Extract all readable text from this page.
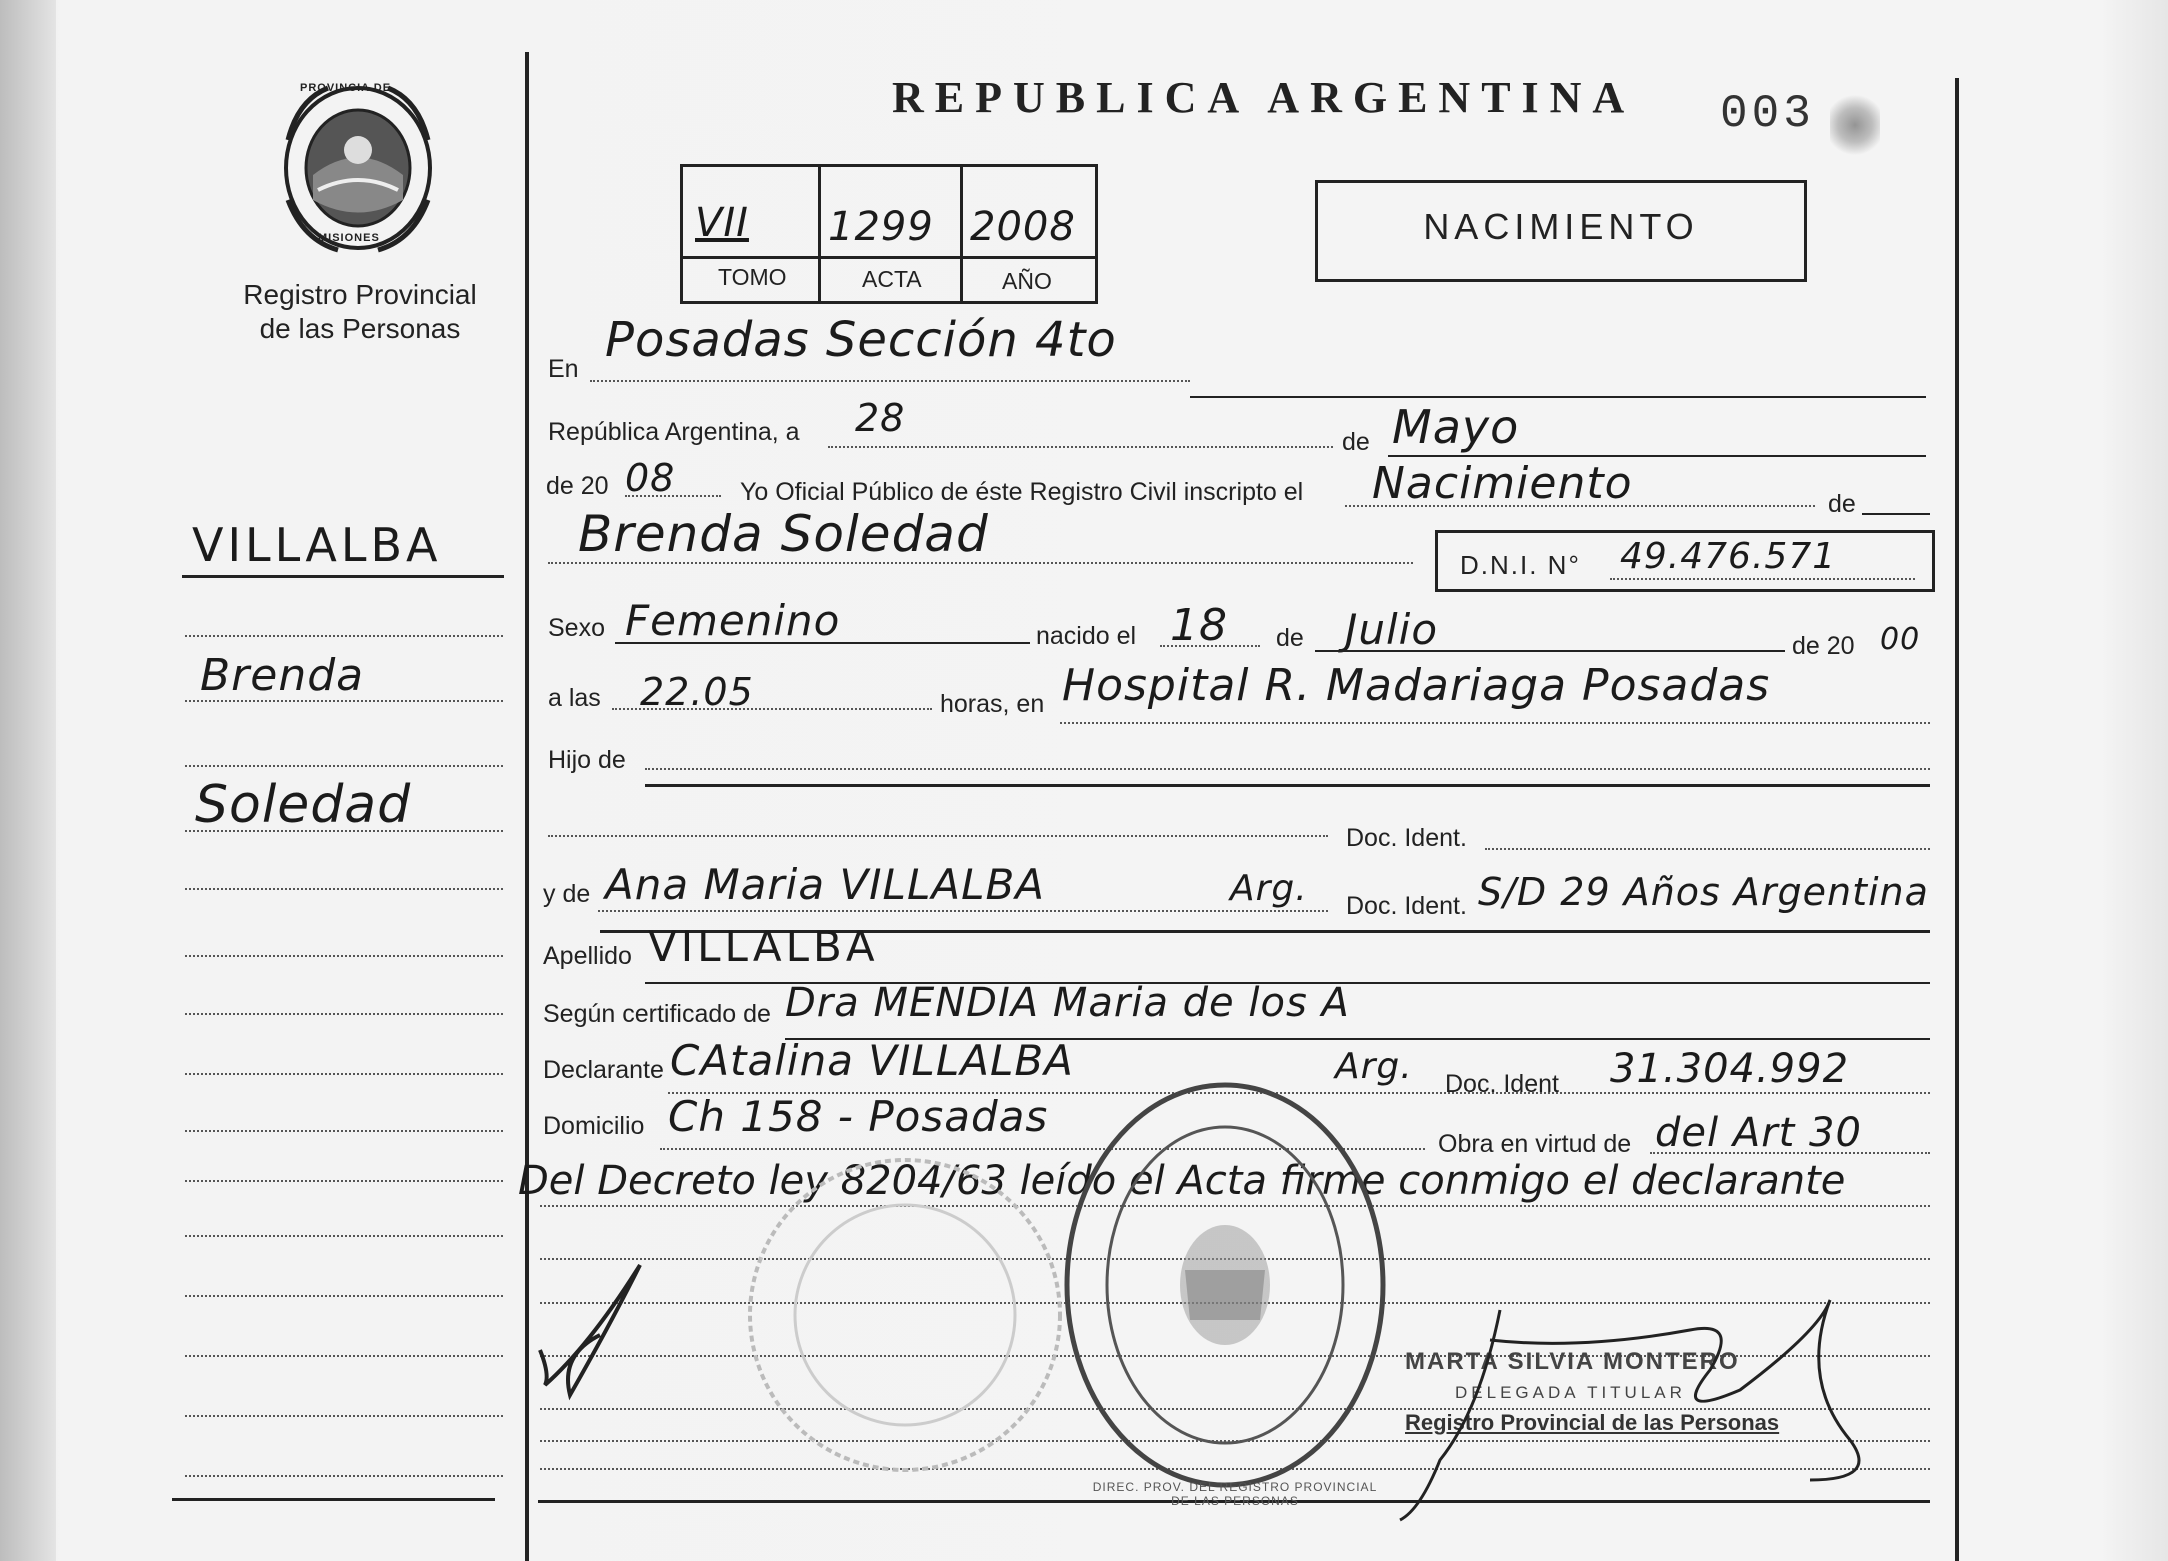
PROVINCIA DE
MISIONES
Registro Provincial
de las Personas
REPUBLICA ARGENTINA 003
VII 1299 2008
TOMO	ACTA	AÑO
NACIMIENTO
VILLALBA
Brenda
Soledad
En
Posadas Sección 4to
República Argentina, a 28
de Mayo
de 20 08	Yo Oficial Público de éste Registro Civil inscripto el Nacimiento	de
Brenda Soledad
D.N.I. N° 49.476.571
Sexo Femenino	nacido el 18 de Julio	de 20 00
a las 22.05	horas, en Hospital R. Madariaga Posadas
Hijo de
Doc. Ident.
y de Ana Maria VILLALBA	Arg. Doc. Ident. S/D 29 Años Argentina
Apellido VILLALBA
Según certificado de Dra MENDIA Maria de los A
Declarante CAtalina VILLALBA	Arg. Doc. Ident 31.304.992
Domicilio Ch 158 - Posadas
Obra en virtud de del Art 30
Del Decreto ley 8204/63 leído el Acta firme conmigo el declarante
DIREC. PROV. DEL REGISTRO PROVINCIAL DE LAS PERSONAS
MARTA SILVIA MONTERO
DELEGADA TITULAR
Registro Provincial de las Personas
